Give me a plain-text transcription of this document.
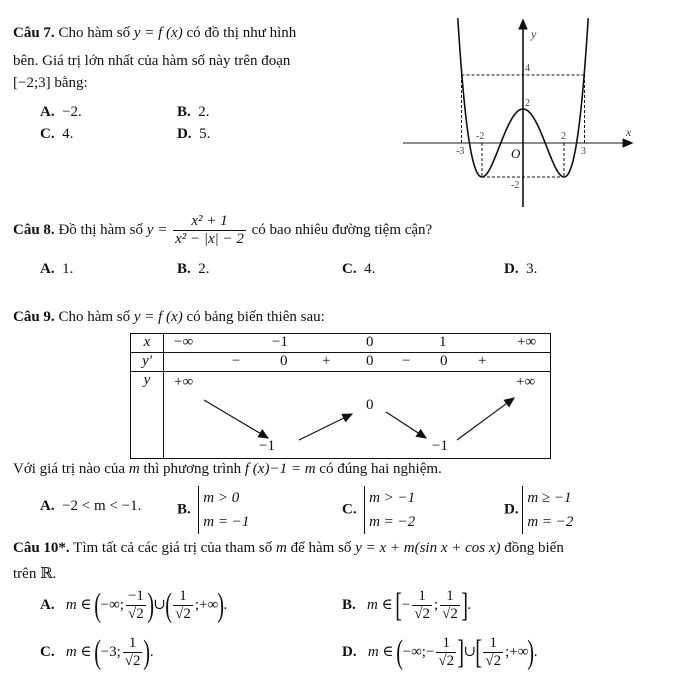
Câu 7. Cho hàm số y = f (x) có đồ thị như hình
bên. Giá trị lớn nhất của hàm số này trên đoạn
[−2;3] bằng:
A. −2.	B. 2.
C. 4.	D. 5.
y
x
O
-3
-2	2
3
4
2
-2
Câu 8. Đồ thị hàm số $y = \frac{\text{x² + 1}}{\text{x² − |x| − 2}}$ có bao nhiêu đường tiệm cận?
A. 1.	B. 2.	C. 4.	D. 3.
Câu 9. Cho hàm số y = f (x) có bảng biến thiên sau:
x	−∞	−1	0	1	+∞

y'	−	0 + 0 − 0 +

y	+∞
−1
0
−1
+∞
Với giá trị nào của m thì phương trình f (x)−1 = m có đúng hai nghiệm.
A. −2 < m < −1. B.
m > 0
m = −1
C.
m > −1
m = −2
D.
m ≥ −1
m = −2
Câu 10*. Tìm tất cả các giá trị của tham số m để hàm số y = x + m(sin x + cos x) đồng biến
trên ℝ.
A. m ∈ (−∞; $\frac{-1}{√2}$ )∪( $\frac{1}{√2}$ ;+∞).	B. m ∈ [− $\frac{1}{√2}$ ; $\frac{1}{√2}$ ].
C. m ∈ (−3; $\frac{1}{√2}$ ).	D. m ∈ (−∞;− $\frac{1}{√2}$ ]∪[ $\frac{1}{√2}$ ;+∞).
